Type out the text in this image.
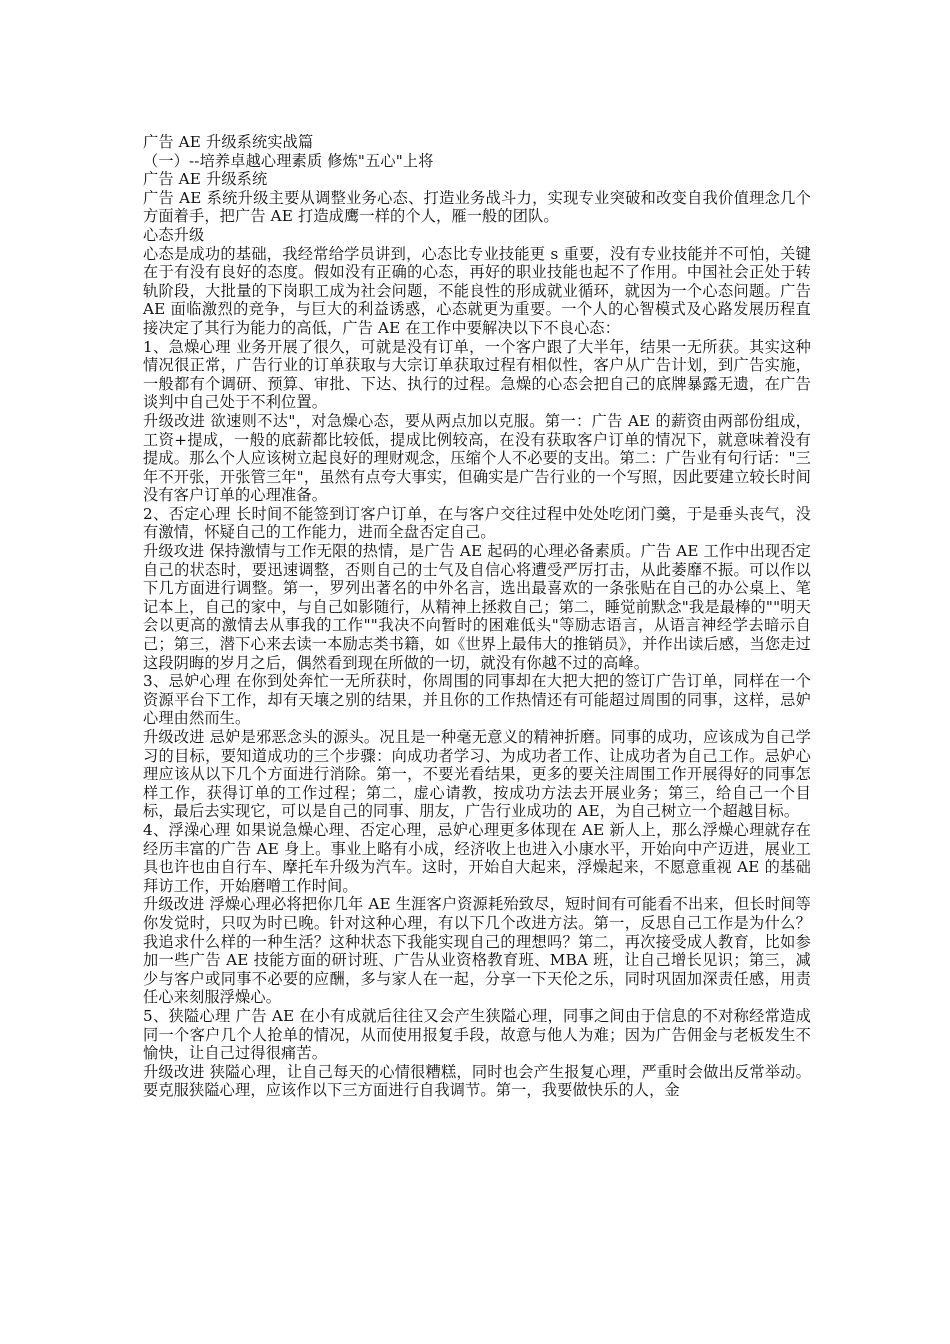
广告 AE 升级系统实战篇

（一）--培养卓越心理素质 修炼"五心"上将

广告 AE 升级系统

广告 AE 系统升级主要从调整业务心态、打造业务战斗力，实现专业突破和改变自我价值理念几个方面着手，把广告 AE 打造成鹰一样的个人，雁一般的团队。

心态升级

心态是成功的基础，我经常给学员讲到，心态比专业技能更 s 重要，没有专业技能并不可怕，关键在于有没有良好的态度。假如没有正确的心态，再好的职业技能也起不了作用。中国社会正处于转轨阶段，大批量的下岗职工成为社会问题，不能良性的形成就业循环，就因为一个心态问题。广告 AE 面临激烈的竞争，与巨大的利益诱惑，心态就更为重要。一个人的心智模式及心路发展历程直接决定了其行为能力的高低，广告 AE 在工作中要解决以下不良心态：

1、急燥心理 业务开展了很久，可就是没有订单，一个客户跟了大半年，结果一无所获。其实这种情况很正常，广告行业的订单获取与大宗订单获取过程有相似性，客户从广告计划，到广告实施，一般都有个调研、预算、审批、下达、执行的过程。急燥的心态会把自己的底牌暴露无遗，在广告谈判中自己处于不利位置。

升级改进 欲速则不达"，对急燥心态，要从两点加以克服。第一：广告 AE 的薪资由两部份组成，工资+提成，一般的底薪都比较低，提成比例较高，在没有获取客户订单的情况下，就意味着没有提成。那么个人应该树立起良好的理财观念，压缩个人不必要的支出。第二：广告业有句行话："三年不开张，开张管三年"，虽然有点夸大事实，但确实是广告行业的一个写照，因此要建立较长时间没有客户订单的心理准备。

2、否定心理 长时间不能签到订客户订单，在与客户交往过程中处处吃闭门羹，于是垂头丧气，没有激情，怀疑自己的工作能力，进而全盘否定自己。

升级攻进 保持激情与工作无限的热情，是广告 AE 起码的心理必备素质。广告 AE 工作中出现否定自己的状态时，要迅速调整，否则自己的士气及自信心将遭受严厉打击，从此萎靡不振。可以作以下几方面进行调整。第一，罗列出著名的中外名言，选出最喜欢的一条张贴在自己的办公桌上、笔记本上，自己的家中，与自己如影随行，从精神上拯救自己；第二，睡觉前默念"我是最棒的""明天会以更高的激情去从事我的工作""我决不向暂时的困难低头"等励志语言，从语言神经学去暗示自己；第三，潜下心来去读一本励志类书籍，如《世界上最伟大的推销员》，并作出读后感，当您走过这段阴晦的岁月之后，偶然看到现在所做的一切，就没有你越不过的高峰。

3、忌妒心理 在你到处奔忙一无所获时，你周围的同事却在大把大把的签订广告订单，同样在一个资源平台下工作，却有天壤之别的结果，并且你的工作热情还有可能超过周围的同事，这样，忌妒心理由然而生。

升级改进 忌妒是邪恶念头的源头。况且是一种毫无意义的精神折磨。同事的成功，应该成为自己学习的目标，要知道成功的三个步骤：向成功者学习、为成功者工作、让成功者为自己工作。忌妒心理应该从以下几个方面进行消除。第一，不要光看结果，更多的要关注周围工作开展得好的同事怎样工作，获得订单的工作过程；第二，虚心请教，按成功方法去开展业务；第三，给自己一个目标，最后去实现它，可以是自己的同事、朋友，广告行业成功的 AE，为自己树立一个超越目标。

4、浮澡心理 如果说急燥心理、否定心理，忌妒心理更多体现在 AE 新人上，那么浮燥心理就存在经历丰富的广告 AE 身上。事业上略有小成，经济收上也进入小康水平，开始向中产迈进，展业工具也许也由自行车、摩托车升级为汽车。这时，开始自大起来，浮燥起来，不愿意重视 AE 的基础拜访工作，开始磨噌工作时间。

升级改进 浮燥心理必将把你几年 AE 生涯客户资源耗殆致尽，短时间有可能看不出来，但长时间等你发觉时，只叹为时已晚。针对这种心理，有以下几个改进方法。第一，反思自己工作是为什么？我追求什么样的一种生活？这种状态下我能实现自己的理想吗？第二，再次接受成人教育，比如参加一些广告 AE 技能方面的研讨班、广告从业资格教育班、MBA 班，让自己增长见识；第三，减少与客户或同事不必要的应酬，多与家人在一起，分享一下天伦之乐，同时巩固加深责任感，用责任心来刻服浮燥心。

5、狭隘心理 广告 AE 在小有成就后往往又会产生狭隘心理，同事之间由于信息的不对称经常造成同一个客户几个人抢单的情况，从而使用报复手段，故意与他人为难；因为广告佣金与老板发生不愉快，让自己过得很痛苦。

升级改进 狭隘心理，让自己每天的心情很糟糕，同时也会产生报复心理，严重时会做出反常举动。要克服狭隘心理，应该作以下三方面进行自我调节。第一，我要做快乐的人，金
